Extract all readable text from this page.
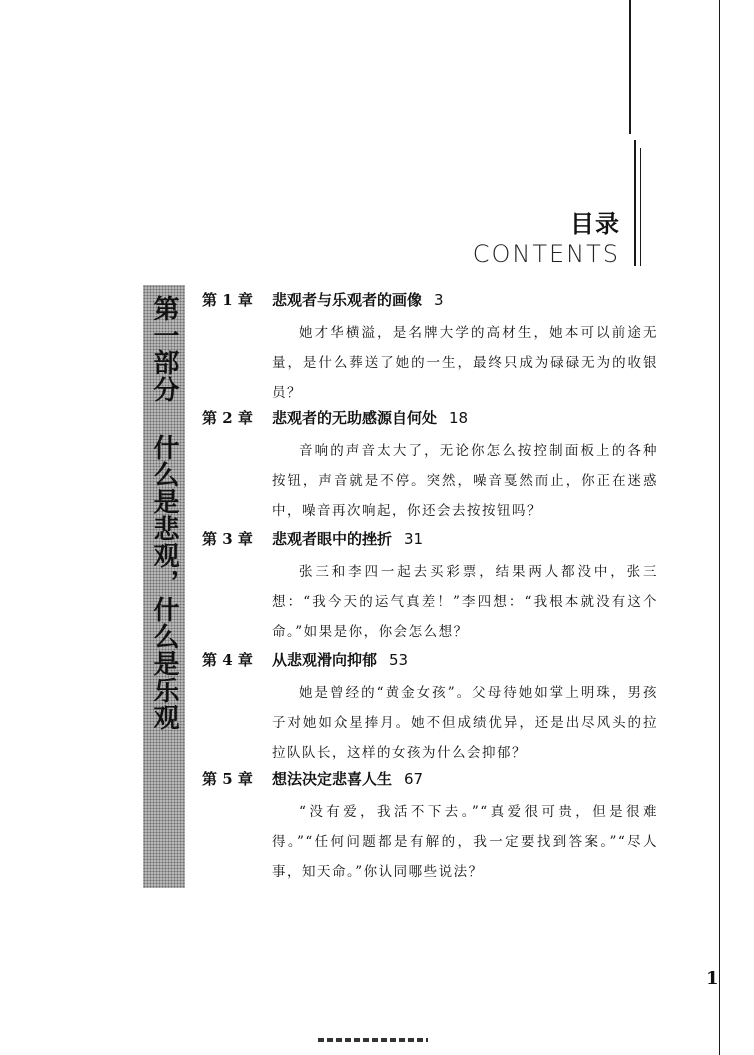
目录
CONTENTS
第一部分 什么是悲观，什么是乐观	第 1 章 悲观者与乐观者的画像 3
她才华横溢，是名牌大学的高材生，她本可以前途无量，是什么葬送了她的一生，最终只成为碌碌无为的收银员？
第 2 章 悲观者的无助感源自何处 18
音响的声音太大了，无论你怎么按控制面板上的各种按钮，声音就是不停。突然，噪音戛然而止，你正在迷惑中，噪音再次响起，你还会去按按钮吗？
第 3 章 悲观者眼中的挫折 31
张三和李四一起去买彩票，结果两人都没中，张三想：“我今天的运气真差！”李四想：“我根本就没有这个命。”如果是你，你会怎么想？
第 4 章 从悲观滑向抑郁 53
她是曾经的“黄金女孩”。父母待她如掌上明珠，男孩子对她如众星捧月。她不但成绩优异，还是出尽风头的拉拉队队长，这样的女孩为什么会抑郁？
第 5 章 想法决定悲喜人生 67
“没有爱，我活不下去。”“真爱很可贵，但是很难得。”“任何问题都是有解的，我一定要找到答案。”“尽人事，知天命。”你认同哪些说法？
1
